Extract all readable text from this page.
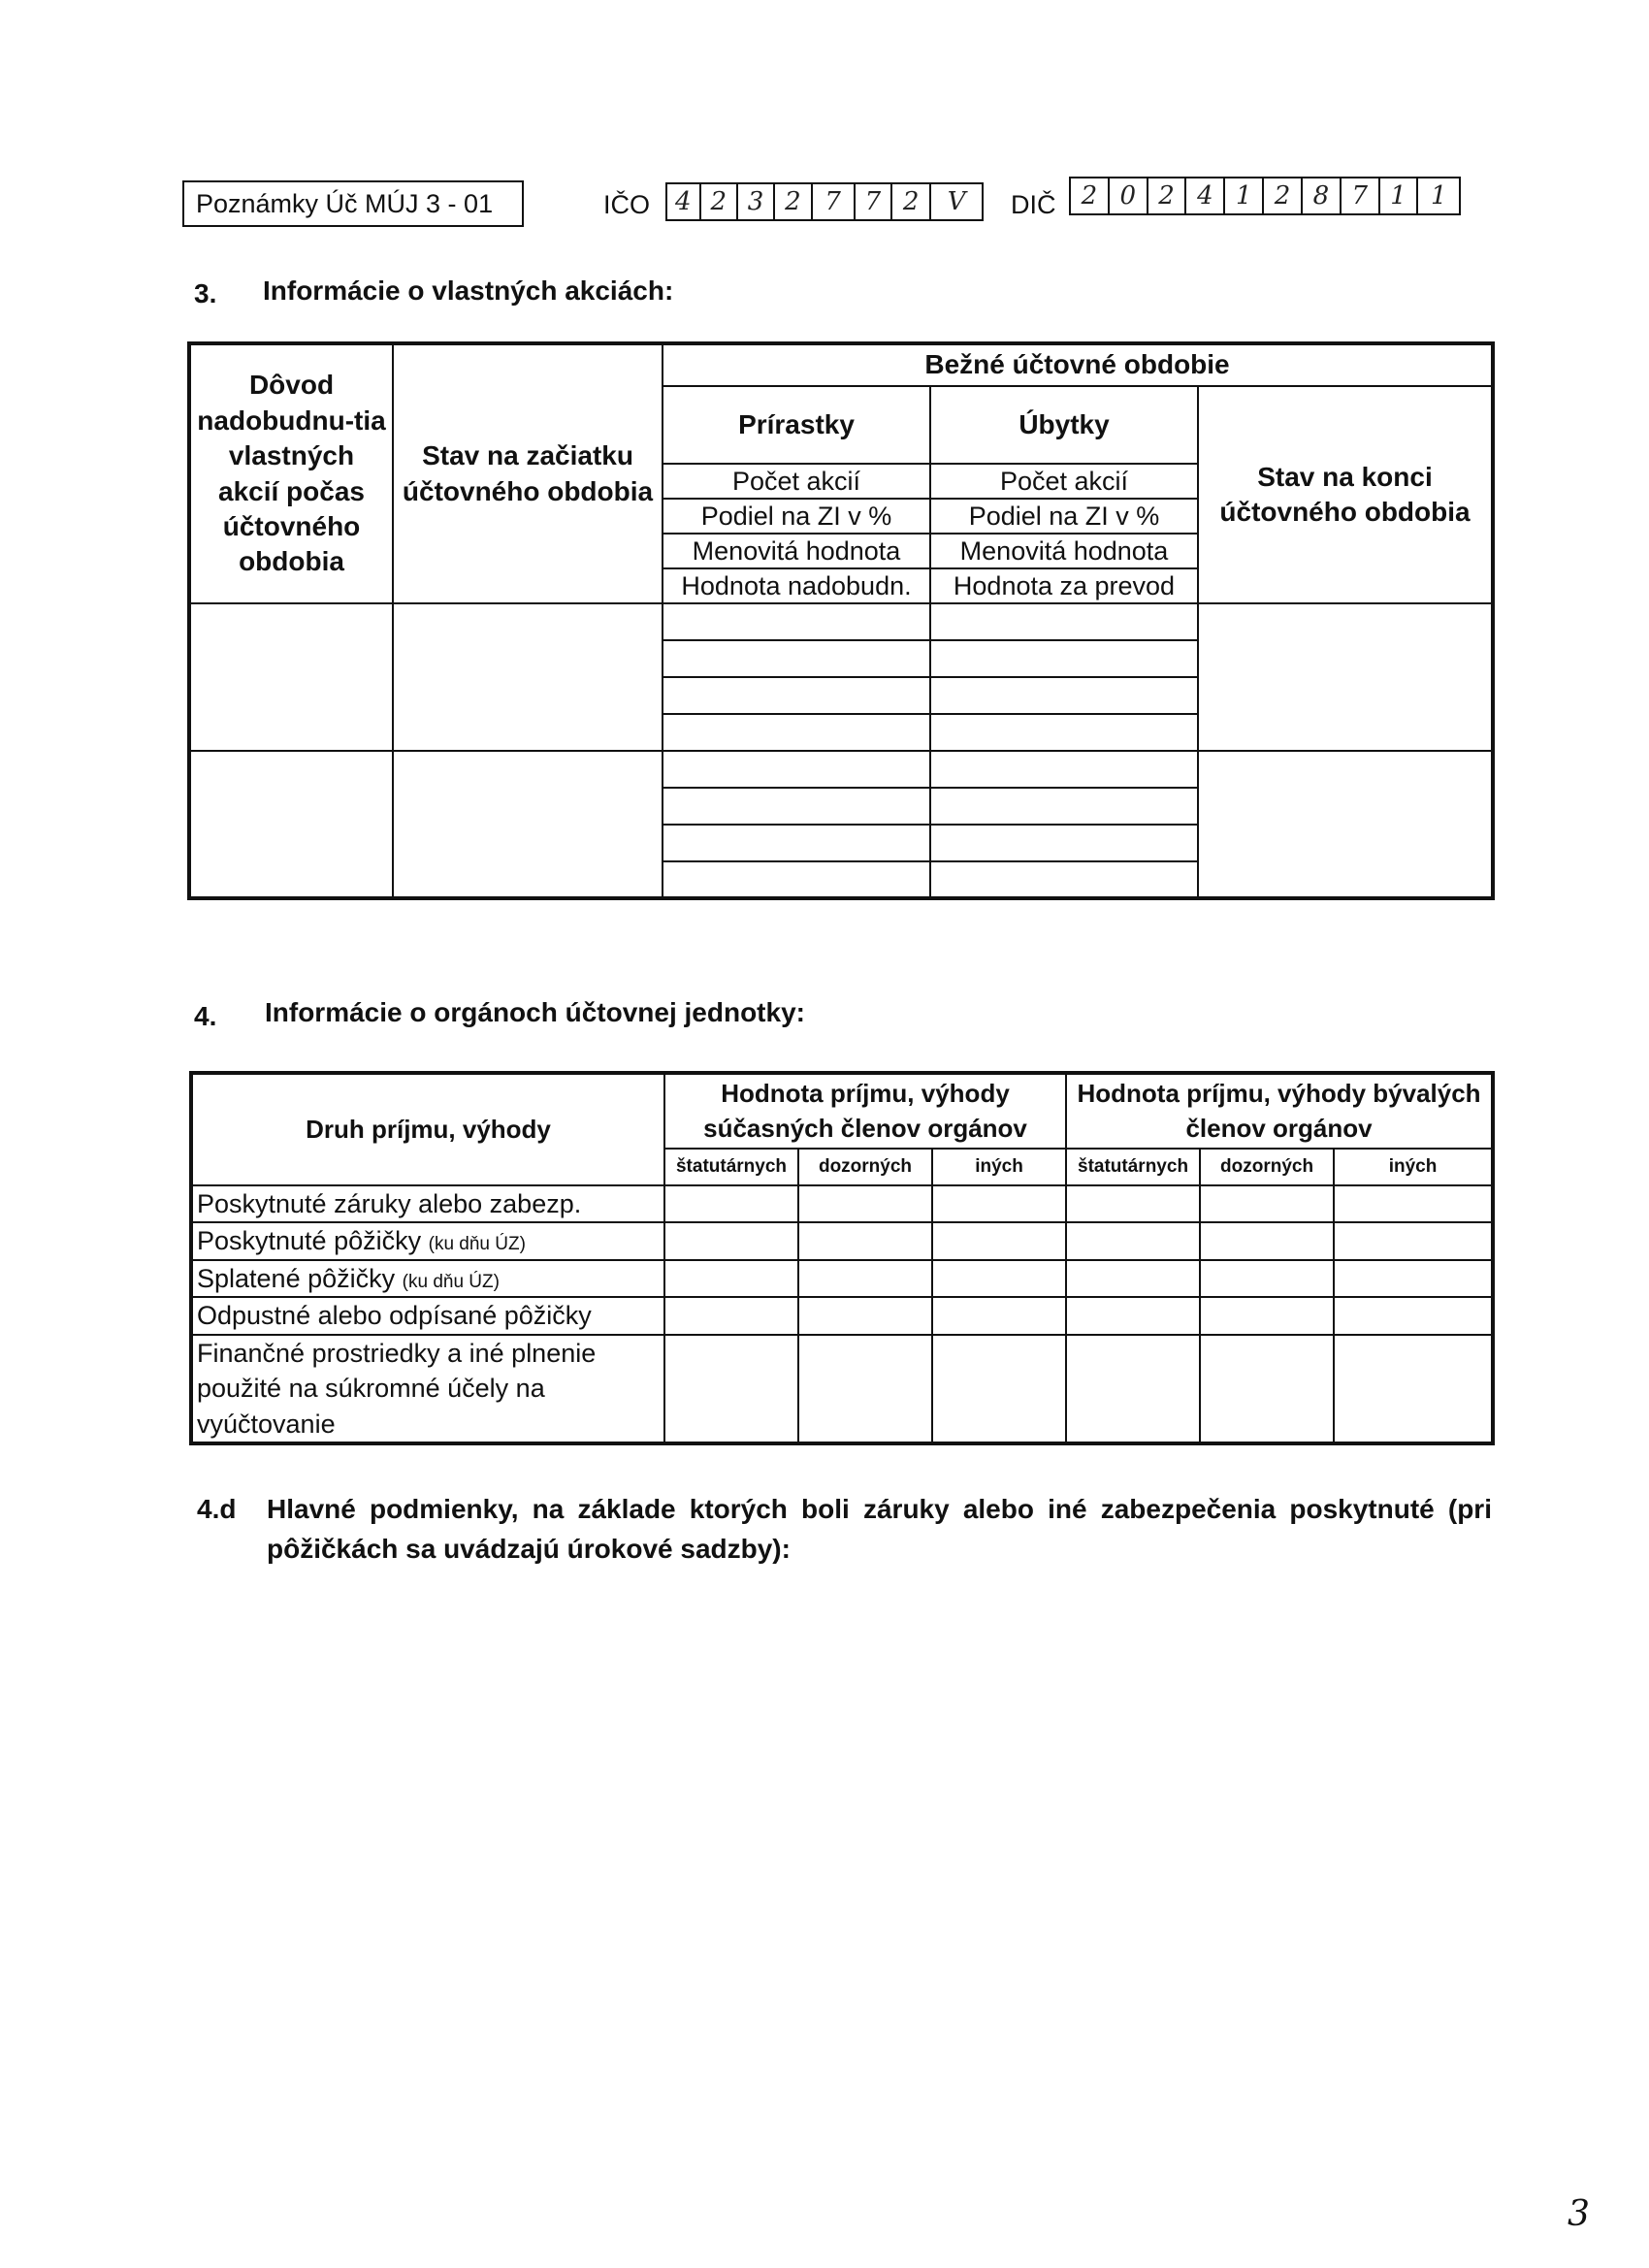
Poznámky Úč MÚJ 3 - 01	IČO 4 2 3 2 7 7 2	V	DIČ	2 0 2 4 1 2 8 7 1 1
3. Informácie o vlastných akciách:
Dôvod nadobudnu-tia vlastných akcií počas účtovného obdobia	Stav na začiatku účtovného obdobia	Bežné účtovné obdobie		
		Prírastky	Úbytky	Stav na konci účtovného obdobia
		Počet akcií	Počet akcií	
		Podiel na ZI v %	Podiel na ZI v %	
		Menovitá hodnota	Menovitá hodnota	
		Hodnota nadobudn.	Hodnota za prevod	

4. Informácie o orgánoch účtovnej jednotky:
Druh príjmu, výhody	Hodnota príjmu, výhody súčasných členov orgánov			Hodnota príjmu, výhody bývalých členov orgánov		
	štatutárnych	dozorných	iných	štatutárnych	dozorných	iných
Poskytnuté záruky alebo zabezp.						
Poskytnuté pôžičky (ku dňu ÚZ)						
Splatené pôžičky (ku dňu ÚZ)						
Odpustné alebo odpísané pôžičky						
Finančné prostriedky a iné plnenie použité na súkromné účely na vyúčtovanie						
4.d Hlavné podmienky, na základe ktorých boli záruky alebo iné zabezpečenia poskytnuté (pri pôžičkách sa uvádzajú úrokové sadzby):
3
